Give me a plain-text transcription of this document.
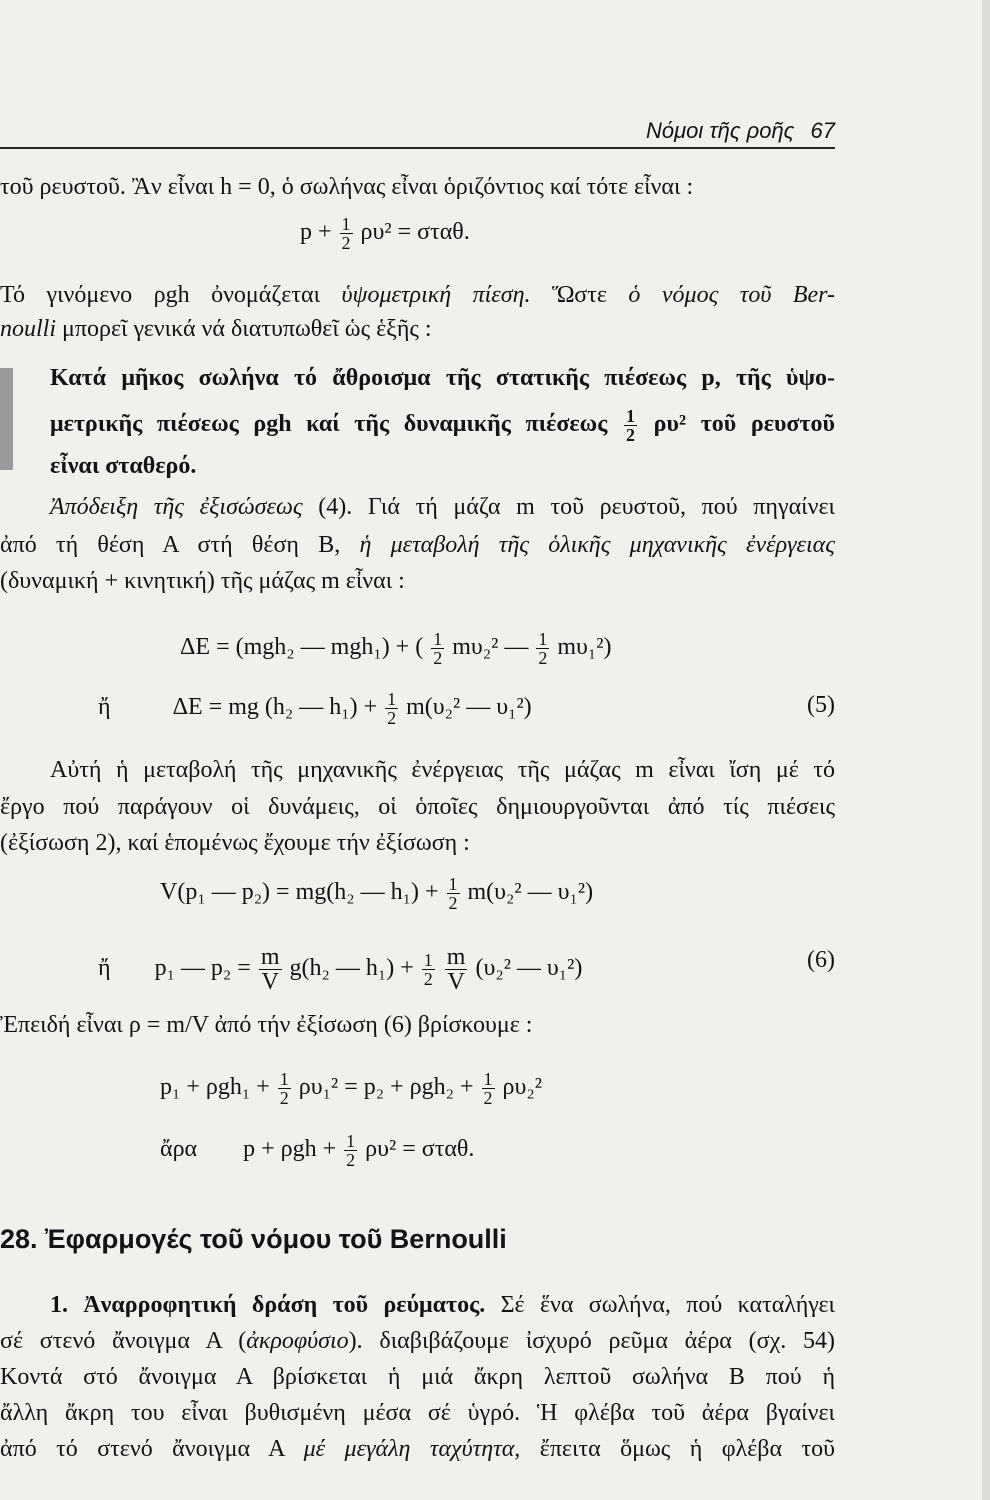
Νόμοι τῆς ροῆς 67
τοῦ ρευστοῦ. Ἂν εἶναι h = 0, ὁ σωλήνας εἶναι ὁριζόντιος καί τότε εἶναι :
$p + \frac{1}{2} \rho\upsilon^2 = \sigma\tau\alpha\theta$.
Τό γινόμενο ρgh ὀνομάζεται ὑψομετρική πίεση. Ὥστε ὁ νόμος τοῦ Ber-
noulli μπορεῖ γενικά νά διατυπωθεῖ ὡς ἑξῆς :
Κατά μῆκος σωλήνα τό ἄθροισμα τῆς στατικῆς πιέσεως p, τῆς ὑψο-
μετρικῆς πιέσεως ρgh καί τῆς δυναμικῆς πιέσεως $\frac{1}{2} \rho\upsilon^2$ τοῦ ρευστοῦ
εἶναι σταθερό.
Ἀπόδειξη τῆς ἐξισώσεως (4). Γιά τή μάζα m τοῦ ρευστοῦ, πού πηγαίνει
ἀπό τή θέση Α στή θέση Β, ἡ μεταβολή τῆς ὁλικῆς μηχανικῆς ἐνέργειας
(δυναμική + κινητική) τῆς μάζας m εἶναι :
ΔΕ = (mgh₂ — mgh₁) + ( $\frac{1}{2} m\upsilon_2^2$ — $\frac{1}{2} m\upsilon_1^2$)
ἤ	ΔΕ = mg (h₂ — $h_1) + \frac{1}{2} m(\upsilon_2^2$ — υ₁²)	(5)
Αὐτή ἡ μεταβολή τῆς μηχανικῆς ἐνέργειας τῆς μάζας m εἶναι ἴση μέ τό
ἔργο πού παράγουν οἱ δυνάμεις, οἱ ὁποῖες δημιουργοῦνται ἀπό τίς πιέσεις
(ἐξίσωση 2), καί ἑπομένως ἔχουμε τήν ἐξίσωση :
V(p₁ — p₂) = mg(h₂ — $h_1) + \frac{1}{2} m(\upsilon_2^2$ — υ₁²)
ἤ p₁ — $p_2 = \frac{m}{V} g(h_2$ — $h_1) + \frac{1}{2}$
$\frac{m}{V} (\upsilon_2^2$ — υ₁²)	(6)
Ἐπειδή εἶναι ρ = m/V ἀπό τήν ἐξίσωση (6) βρίσκουμε :
$p_1 + \rho gh_1 + \frac{1}{2} \rho\upsilon_1^2 = p_2 + \rho gh_2 + \frac{1}{2} \rho\upsilon_2^2$
ἄρα $p + \rho gh + \frac{1}{2} \rho\upsilon^2 = \sigma\tau\alpha\theta$.
28. Ἐφαρμογές τοῦ νόμου τοῦ Bernoulli
1. Ἀναρροφητική δράση τοῦ ρεύματος. Σέ ἕνα σωλήνα, πού καταλήγει
σέ στενό ἄνοιγμα Α (ἀκροφύσιο). διαβιβάζουμε ἰσχυρό ρεῦμα ἀέρα (σχ. 54)
Κοντά στό ἄνοιγμα Α βρίσκεται ἡ μιά ἄκρη λεπτοῦ σωλήνα Β πού ἡ
ἄλλη ἄκρη του εἶναι βυθισμένη μέσα σέ ὑγρό. Ἡ φλέβα τοῦ ἀέρα βγαίνει
ἀπό τό στενό ἄνοιγμα Α μέ μεγάλη ταχύτητα, ἔπειτα ὅμως ἡ φλέβα τοῦ
